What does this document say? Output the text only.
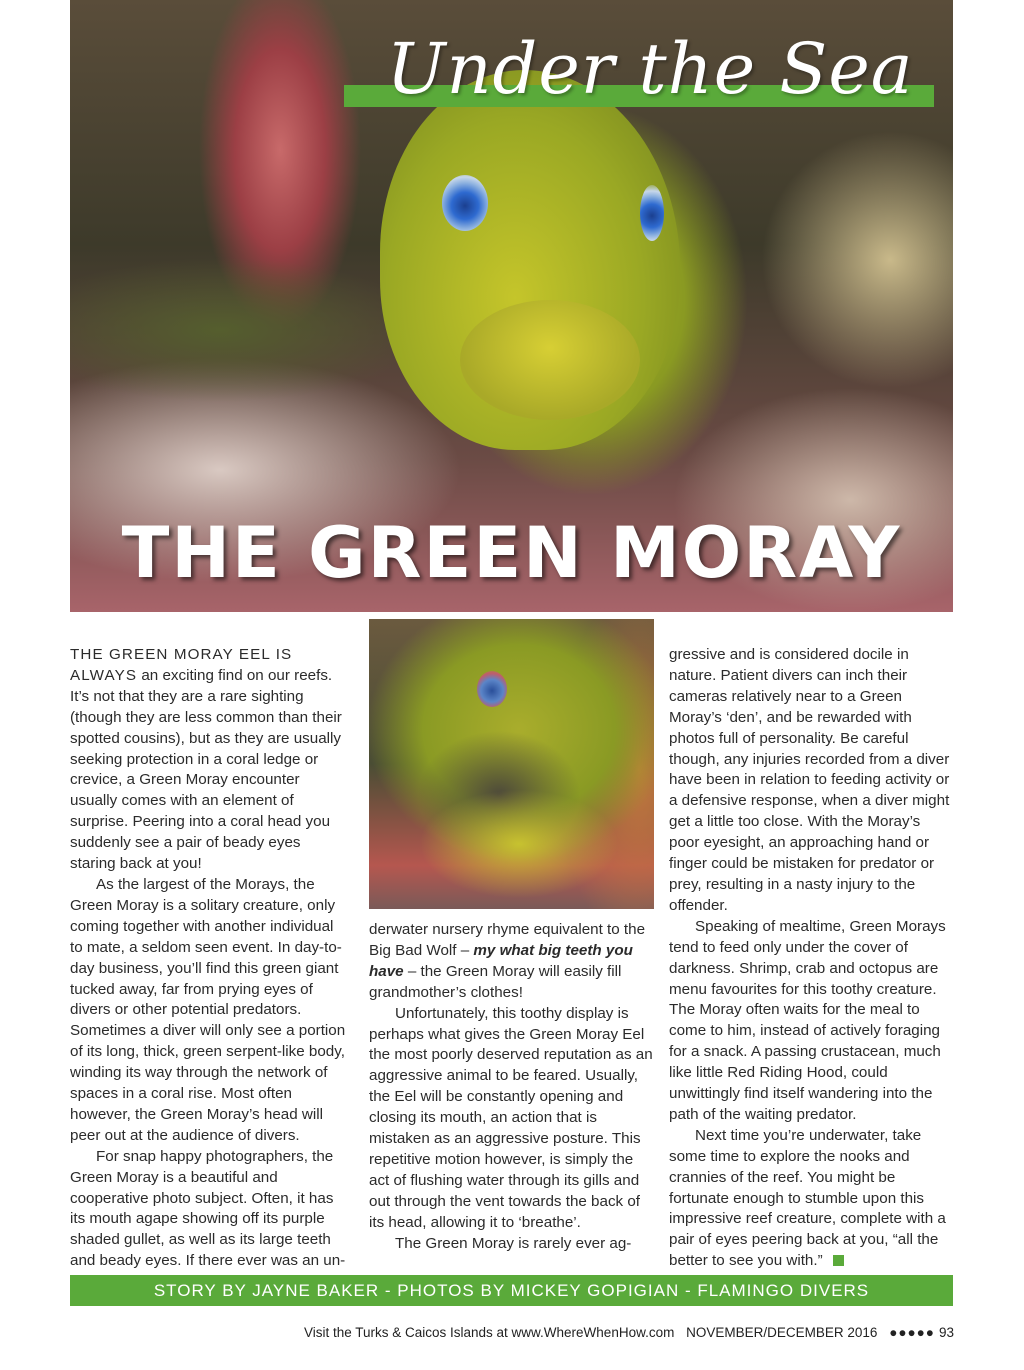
Under the Sea
THE GREEN MORAY

THE GREEN MORAY EEL IS ALWAYS an exciting find on our reefs. It’s not that they are a rare sighting (though they are less common than their spotted cousins), but as they are usually seeking protection in a coral ledge or crevice, a Green Moray encounter usually comes with an element of surprise. Peering into a coral head you suddenly see a pair of beady eyes staring back at you!

As the largest of the Morays, the Green Moray is a solitary creature, only coming together with another individual to mate, a seldom seen event. In day-to-day business, you’ll find this green giant tucked away, far from prying eyes of divers or other potential predators. Sometimes a diver will only see a portion of its long, thick, green serpent-like body, winding its way through the network of spaces in a coral rise. Most often however, the Green Moray’s head will peer out at the audience of divers.

For snap happy photographers, the Green Moray is a beautiful and cooperative photo subject. Often, it has its mouth agape showing off its purple shaded gullet, as well as its large teeth and beady eyes. If there ever was an un-

derwater nursery rhyme equivalent to the Big Bad Wolf – my what big teeth you have – the Green Moray will easily fill grandmother’s clothes!

Unfortunately, this toothy display is perhaps what gives the Green Moray Eel the most poorly deserved reputation as an aggressive animal to be feared. Usually, the Eel will be constantly opening and closing its mouth, an action that is mistaken as an aggressive posture. This repetitive motion however, is simply the act of flushing water through its gills and out through the vent towards the back of its head, allowing it to ‘breathe’.

The Green Moray is rarely ever ag-

gressive and is considered docile in nature. Patient divers can inch their cameras relatively near to a Green Moray’s ‘den’, and be rewarded with photos full of personality. Be careful though, any injuries recorded from a diver have been in relation to feeding activity or a defensive response, when a diver might get a little too close. With the Moray’s poor eyesight, an approaching hand or finger could be mistaken for predator or prey, resulting in a nasty injury to the offender.

Speaking of mealtime, Green Morays tend to feed only under the cover of darkness. Shrimp, crab and octopus are menu favourites for this toothy creature. The Moray often waits for the meal to come to him, instead of actively foraging for a snack. A passing crustacean, much like little Red Riding Hood, could unwittingly find itself wandering into the path of the waiting predator.

Next time you’re underwater, take some time to explore the nooks and crannies of the reef. You might be fortunate enough to stumble upon this impressive reef creature, complete with a pair of eyes peering back at you, “all the better to see you with.”

STORY BY JAYNE BAKER - PHOTOS BY MICKEY GOPIGIAN - FLAMINGO DIVERS
Visit the Turks & Caicos Islands at www.WhereWhenHow.com NOVEMBER/DECEMBER 2016 ●●●●● 93
